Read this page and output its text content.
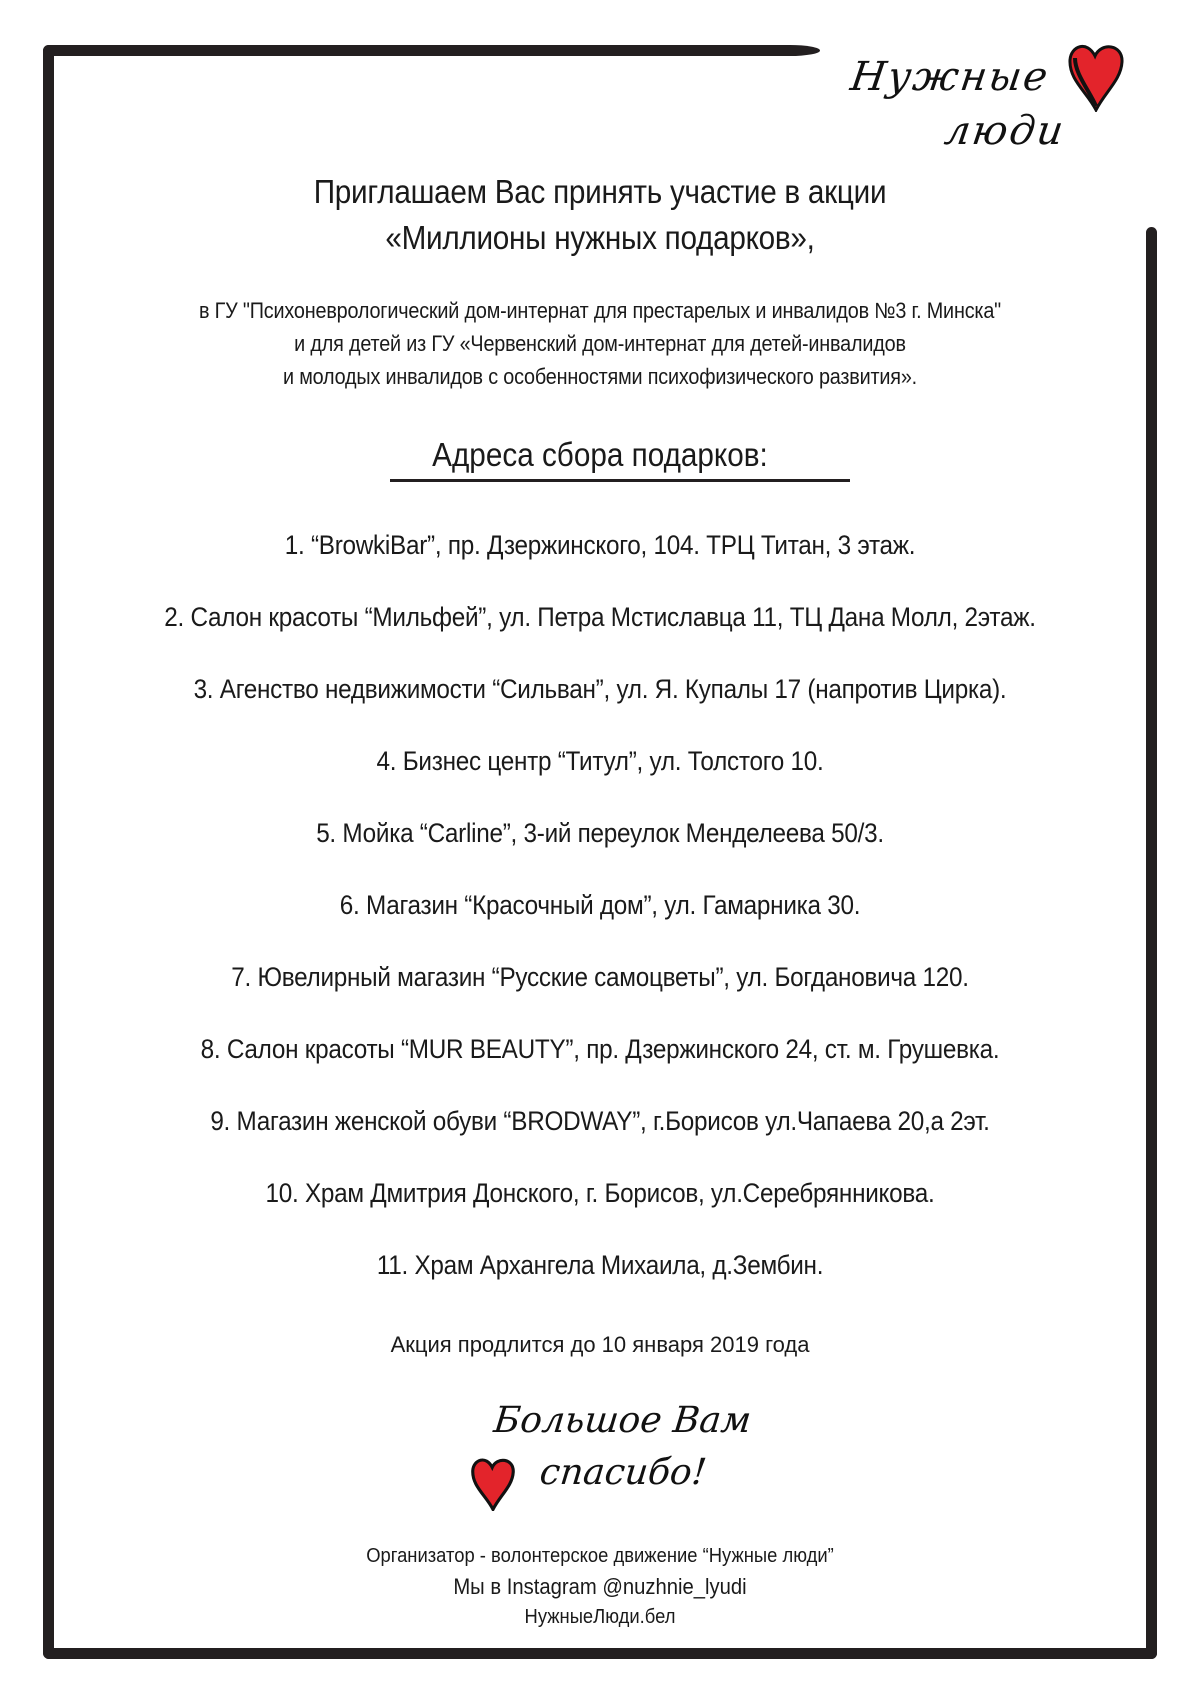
Нужные
люди
Приглашаем Вас принять участие в акции
«Миллионы нужных подарков»,
в ГУ "Психоневрологический дом-интернат для престарелых и инвалидов №3 г. Минска"
и для детей из ГУ «Червенский дом-интернат для детей-инвалидов
и молодых инвалидов с особенностями психофизического развития».
Адреса сбора подарков:
1. “BrowkiBar”, пр. Дзержинского, 104. ТРЦ Титан, 3 этаж.
2. Салон красоты “Мильфей”, ул. Петра Мстиславца 11, ТЦ Дана Молл, 2этаж.
3. Агенство недвижимости “Сильван”, ул. Я. Купалы 17 (напротив Цирка).
4. Бизнес центр “Титул”, ул. Толстого 10.
5. Мойка “Carline”, 3-ий переулок Менделеева 50/3.
6. Магазин “Красочный дом”, ул. Гамарника 30.
7. Ювелирный магазин “Русские самоцветы”, ул. Богдановича 120.
8. Салон красоты “MUR BEAUTY”, пр. Дзержинского 24, ст. м. Грушевка.
9. Магазин женской обуви “BRODWAY”, г.Борисов ул.Чапаева 20,а 2эт.
10. Храм Дмитрия Донского, г. Борисов, ул.Серебрянникова.
11. Храм Архангела Михаила, д.Зембин.
Акция продлится до 10 января 2019 года
Большое Вам
спасибо!
Организатор - волонтерское движение “Нужные люди”
Мы в Instagram @nuzhnie_lyudi
НужныеЛюди.бел
